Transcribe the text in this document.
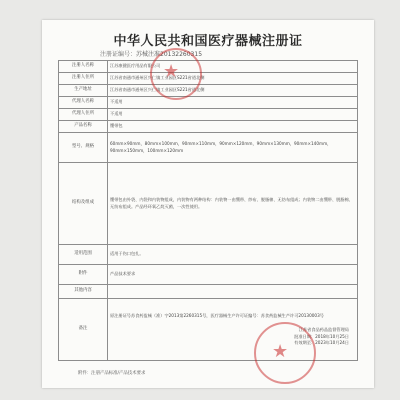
中华人民共和国医疗器械注册证
注册证编号：苏械注准20132260315
注册人名称	江苏康健医疗用品有限公司
注册人住所	江苏省南通市通州区兴仁镇工业园区S221省道北侧
生产地址	江苏省南通市通州区兴仁镇工业园区S221省道北侧
代理人名称	不适用
代理人住所	不适用
产品名称	绷带包
型号、规格	60mm×90mm，80mm×100mm，90mm×110mm，90mm×120mm，90mm×130mm，90mm×140mm，90mm×150mm，100mm×120mm
结构及组成	绷带包由外袋、内袋和内装物组成，内装物有两种结构：内装物一由绷带、纱布、脱脂棉、无纺布组成；内装物二由绷带、脱脂棉、无纺布组成。产品经环氧乙烷灭菌，一次性使用。
适用范围	适用于伤口包扎。
附件	产品技术要求
其他内容	
备注	原注册证号苏食药监械（准）字2013第2260315号，医疗器械生产许可证编号：苏食药监械生产许可20130003号
江苏省食品药品监督管理局
批准日期：2018年10月25日
有效期至：2023年10月24日
附件：注册产品标准/产品技术要求
★
★
